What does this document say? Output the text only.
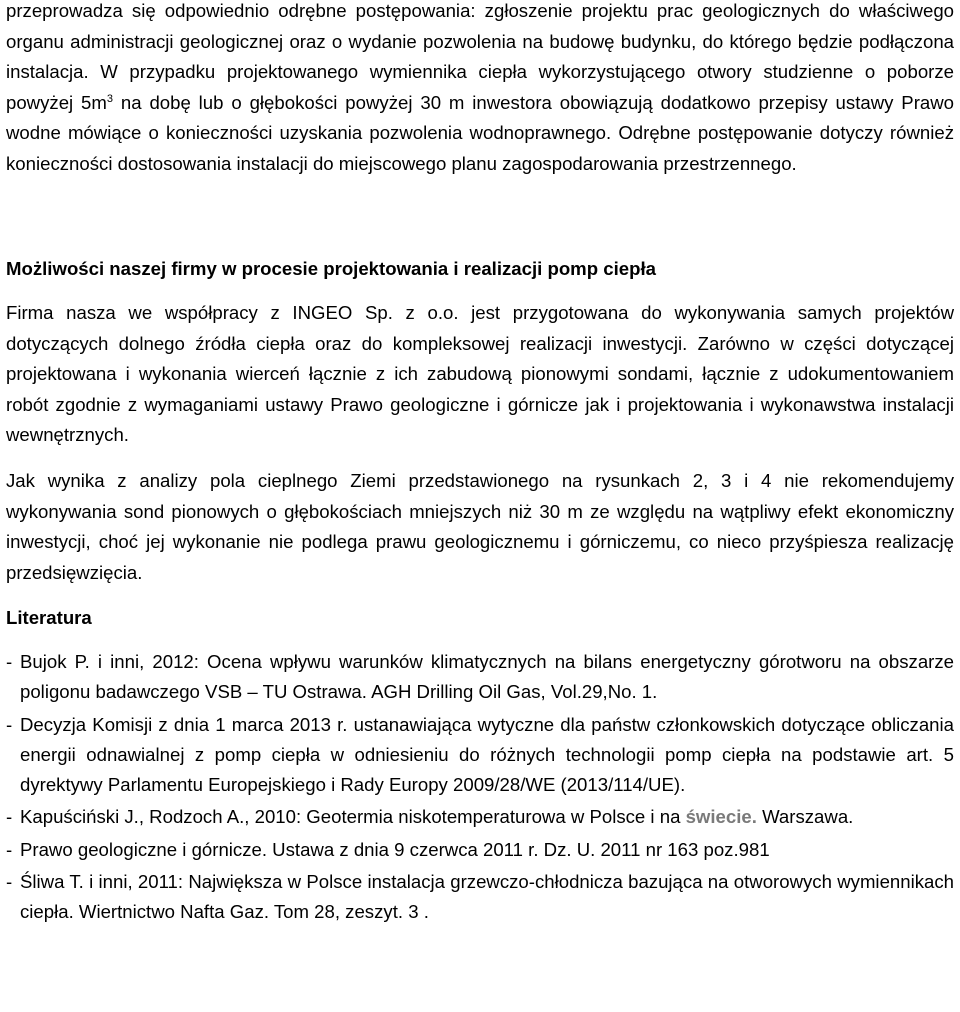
przeprowadza się odpowiednio odrębne postępowania: zgłoszenie projektu prac geologicznych do właściwego organu administracji geologicznej oraz o wydanie pozwolenia na budowę budynku, do którego będzie podłączona instalacja. W przypadku projektowanego wymiennika ciepła wykorzystującego otwory studzienne o poborze powyżej $5m^3$ na dobę lub o głębokości powyżej 30 m inwestora obowiązują dodatkowo przepisy ustawy Prawo wodne mówiące o konieczności uzyskania pozwolenia wodnoprawnego. Odrębne postępowanie dotyczy również konieczności dostosowania instalacji do miejscowego planu zagospodarowania przestrzennego.

Możliwości naszej firmy w procesie projektowania i realizacji pomp ciepła

Firma nasza we współpracy z INGEO Sp. z o.o. jest przygotowana do wykonywania samych projektów dotyczących dolnego źródła ciepła oraz do kompleksowej realizacji inwestycji. Zarówno w części dotyczącej projektowana i wykonania wierceń łącznie z ich zabudową pionowymi sondami, łącznie z udokumentowaniem robót zgodnie z wymaganiami ustawy Prawo geologiczne i górnicze jak i projektowania i wykonawstwa instalacji wewnętrznych.

Jak wynika z analizy pola cieplnego Ziemi przedstawionego na rysunkach 2, 3 i 4 nie rekomendujemy wykonywania sond pionowych o głębokościach mniejszych niż 30 m ze względu na wątpliwy efekt ekonomiczny inwestycji, choć jej wykonanie nie podlega prawu geologicznemu i górniczemu, co nieco przyśpiesza realizację przedsięwzięcia.

Literatura
- Bujok P. i inni, 2012: Ocena wpływu warunków klimatycznych na bilans energetyczny górotworu na obszarze poligonu badawczego VSB – TU Ostrawa. AGH Drilling Oil Gas, Vol.29,No. 1.
- Decyzja Komisji z dnia 1 marca 2013 r. ustanawiająca wytyczne dla państw członkowskich dotyczące obliczania energii odnawialnej z pomp ciepła w odniesieniu do różnych technologii pomp ciepła na podstawie art. 5 dyrektywy Parlamentu Europejskiego i Rady Europy 2009/28/WE (2013/114/UE).
- Kapuściński J., Rodzoch A., 2010: Geotermia niskotemperaturowa w Polsce i na świecie. Warszawa.
- Prawo geologiczne i górnicze. Ustawa z dnia 9 czerwca 2011 r. Dz. U. 2011 nr 163 poz.981
- Śliwa T. i inni, 2011: Największa w Polsce instalacja grzewczo-chłodnicza bazująca na otworowych wymiennikach ciepła. Wiertnictwo Nafta Gaz. Tom 28, zeszyt. 3 .
